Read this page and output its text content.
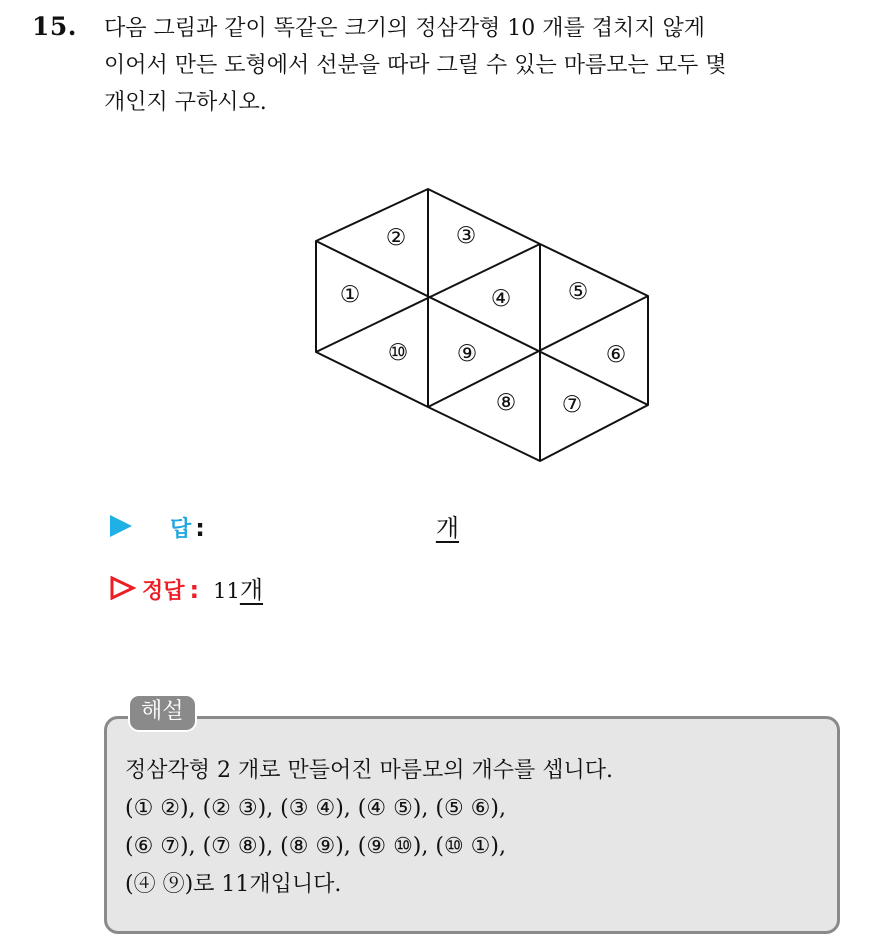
15. 다음 그림과 같이 똑같은 크기의 정삼각형 10 개를 겹치지 않게
이어서 만든 도형에서 선분을 따라 그릴 수 있는 마름모는 모두 몇
개인지 구하시오.
①
② ③
④ ⑤
⑥
⑦
⑧
⑨
⑩
답 :	개
정답 : 11 개
해설
정삼각형 2 개로 만들어진 마름모의 개수를 셉니다.
(① ②), (② ③), (③ ④), (④ ⑤), (⑤ ⑥),
(⑥ ⑦), (⑦ ⑧), (⑧ ⑨), (⑨ ⑩), (⑩ ①),
(④ ⑨)로 11개입니다.
